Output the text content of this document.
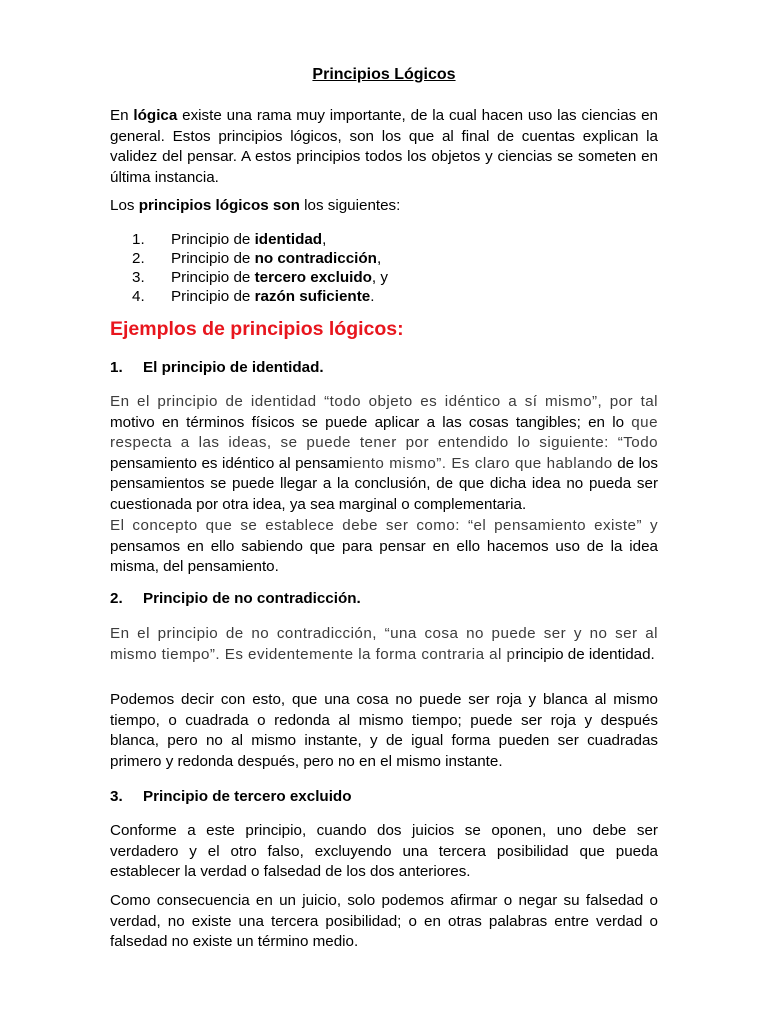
Principios Lógicos

En lógica existe una rama muy importante, de la cual hacen uso las ciencias en general. Estos principios lógicos, son los que al final de cuentas explican la validez del pensar. A estos principios todos los objetos y ciencias se someten en última instancia.

Los principios lógicos son los siguientes:

1. Principio de identidad,
2. Principio de no contradicción,
3. Principio de tercero excluido, y
4. Principio de razón suficiente.
Ejemplos de principios lógicos:
1. El principio de identidad.

En el principio de identidad “todo objeto es idéntico a sí mismo”, por tal motivo en términos físicos se puede aplicar a las cosas tangibles; en lo que respecta a las ideas, se puede tener por entendido lo siguiente: “Todo pensamiento es idéntico al pensamiento mismo”. Es claro que hablando de los pensamientos se puede llegar a la conclusión, de que dicha idea no pueda ser cuestionada por otra idea, ya sea marginal o complementaria.

El concepto que se establece debe ser como: “el pensamiento existe” y pensamos en ello sabiendo que para pensar en ello hacemos uso de la idea misma, del pensamiento.

2. Principio de no contradicción.

En el principio de no contradicción, “una cosa no puede ser y no ser al mismo tiempo”. Es evidentemente la forma contraria al principio de identidad.

Podemos decir con esto, que una cosa no puede ser roja y blanca al mismo tiempo, o cuadrada o redonda al mismo tiempo; puede ser roja y después blanca, pero no al mismo instante, y de igual forma pueden ser cuadradas primero y redonda después, pero no en el mismo instante.

3. Principio de tercero excluido

Conforme a este principio, cuando dos juicios se oponen, uno debe ser verdadero y el otro falso, excluyendo una tercera posibilidad que pueda establecer la verdad o falsedad de los dos anteriores.

Como consecuencia en un juicio, solo podemos afirmar o negar su falsedad o verdad, no existe una tercera posibilidad; o en otras palabras entre verdad o falsedad no existe un término medio.
